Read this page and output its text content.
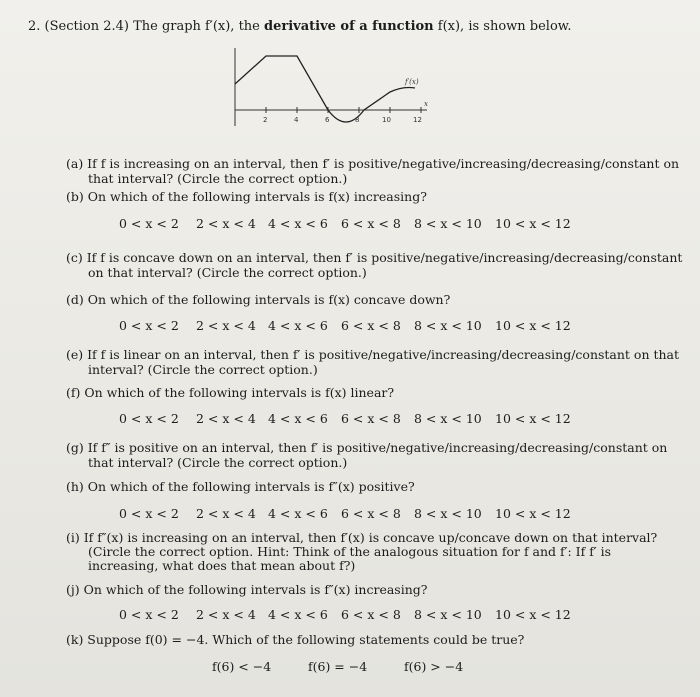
2. (Section 2.4) The graph f′(x), the derivative of a function f(x), is shown below.
2	4	6	8	10	12
x
f′(x)
(a) If f is increasing on an interval, then f′ is positive/negative/increasing/decreasing/constant on
that interval? (Circle the correct option.)
(b) On which of the following intervals is f(x) increasing?
0 < x < 2 2 < x < 4 4 < x < 6 6 < x < 8 8 < x < 10 10 < x < 12
(c) If f is concave down on an interval, then f′ is positive/negative/increasing/decreasing/constant
on that interval? (Circle the correct option.)
(d) On which of the following intervals is f(x) concave down?
0 < x < 2 2 < x < 4 4 < x < 6 6 < x < 8 8 < x < 10 10 < x < 12
(e) If f is linear on an interval, then f′ is positive/negative/increasing/decreasing/constant on that
interval? (Circle the correct option.)
(f) On which of the following intervals is f(x) linear?
0 < x < 2 2 < x < 4 4 < x < 6 6 < x < 8 8 < x < 10 10 < x < 12
(g) If f″ is positive on an interval, then f′ is positive/negative/increasing/decreasing/constant on
that interval? (Circle the correct option.)
(h) On which of the following intervals is f″(x) positive?
0 < x < 2 2 < x < 4 4 < x < 6 6 < x < 8 8 < x < 10 10 < x < 12
(i) If f″(x) is increasing on an interval, then f′(x) is concave up/concave down on that interval?
(Circle the correct option. Hint: Think of the analogous situation for f and f′: If f′ is
increasing, what does that mean about f?)
(j) On which of the following intervals is f″(x) increasing?
0 < x < 2 2 < x < 4 4 < x < 6 6 < x < 8 8 < x < 10 10 < x < 12
(k) Suppose f(0) = −4. Which of the following statements could be true?
f(6) < −4	f(6) = −4	f(6) > −4
